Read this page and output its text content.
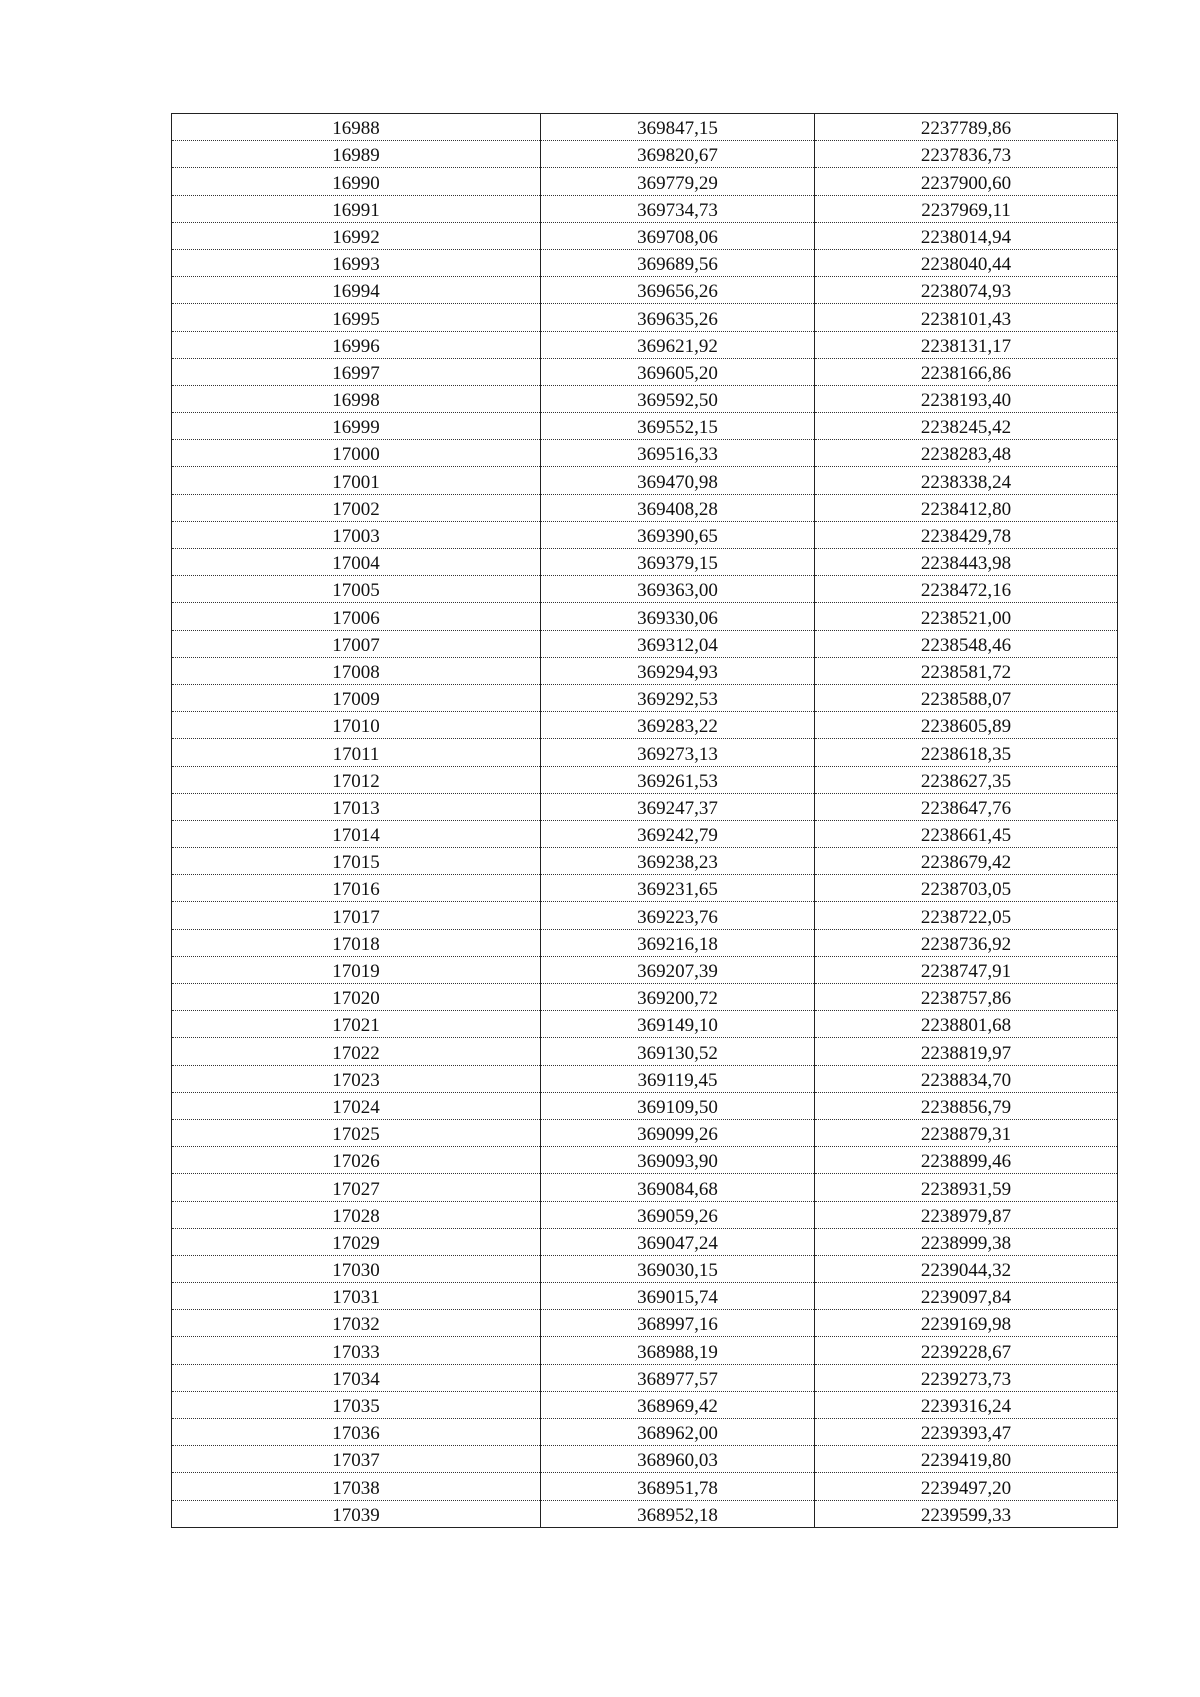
16988	369847,15	2237789,86
16989	369820,67	2237836,73
16990	369779,29	2237900,60
16991	369734,73	2237969,11
16992	369708,06	2238014,94
16993	369689,56	2238040,44
16994	369656,26	2238074,93
16995	369635,26	2238101,43
16996	369621,92	2238131,17
16997	369605,20	2238166,86
16998	369592,50	2238193,40
16999	369552,15	2238245,42
17000	369516,33	2238283,48
17001	369470,98	2238338,24
17002	369408,28	2238412,80
17003	369390,65	2238429,78
17004	369379,15	2238443,98
17005	369363,00	2238472,16
17006	369330,06	2238521,00
17007	369312,04	2238548,46
17008	369294,93	2238581,72
17009	369292,53	2238588,07
17010	369283,22	2238605,89
17011	369273,13	2238618,35
17012	369261,53	2238627,35
17013	369247,37	2238647,76
17014	369242,79	2238661,45
17015	369238,23	2238679,42
17016	369231,65	2238703,05
17017	369223,76	2238722,05
17018	369216,18	2238736,92
17019	369207,39	2238747,91
17020	369200,72	2238757,86
17021	369149,10	2238801,68
17022	369130,52	2238819,97
17023	369119,45	2238834,70
17024	369109,50	2238856,79
17025	369099,26	2238879,31
17026	369093,90	2238899,46
17027	369084,68	2238931,59
17028	369059,26	2238979,87
17029	369047,24	2238999,38
17030	369030,15	2239044,32
17031	369015,74	2239097,84
17032	368997,16	2239169,98
17033	368988,19	2239228,67
17034	368977,57	2239273,73
17035	368969,42	2239316,24
17036	368962,00	2239393,47
17037	368960,03	2239419,80
17038	368951,78	2239497,20
17039	368952,18	2239599,33
